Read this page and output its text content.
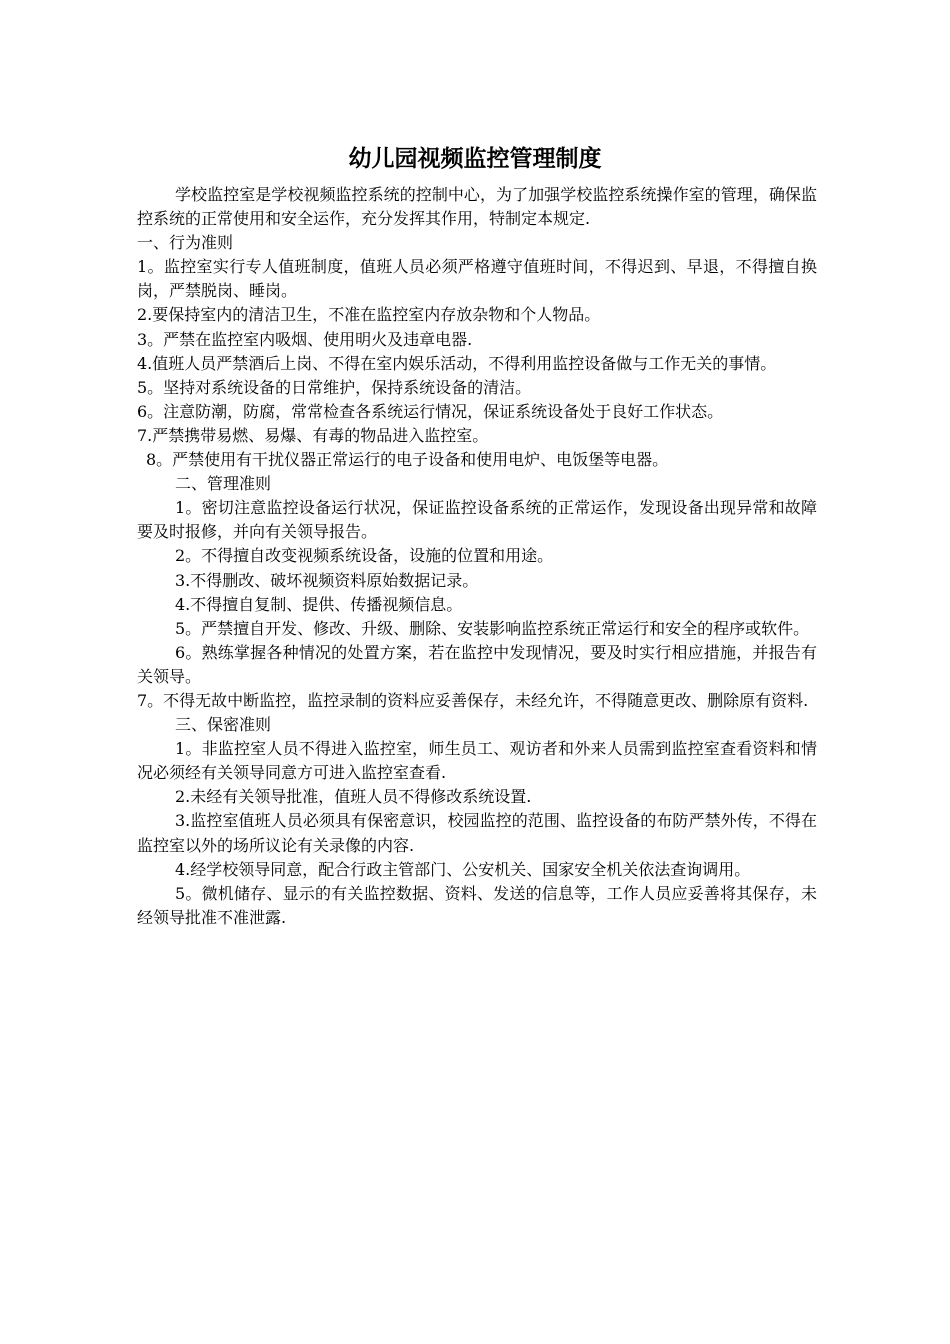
幼儿园视频监控管理制度

学校监控室是学校视频监控系统的控制中心，为了加强学校监控系统操作室的管理，确保监控系统的正常使用和安全运作，充分发挥其作用，特制定本规定.

一、行为准则

1。监控室实行专人值班制度，值班人员必须严格遵守值班时间，不得迟到、早退，不得擅自换岗，严禁脱岗、睡岗。

2.要保持室内的清洁卫生，不准在监控室内存放杂物和个人物品。

3。严禁在监控室内吸烟、使用明火及违章电器.

4.值班人员严禁酒后上岗、不得在室内娱乐活动，不得利用监控设备做与工作无关的事情。

5。坚持对系统设备的日常维护，保持系统设备的清洁。

6。注意防潮，防腐，常常检查各系统运行情况，保证系统设备处于良好工作状态。

7.严禁携带易燃、易爆、有毒的物品进入监控室。

8。严禁使用有干扰仪器正常运行的电子设备和使用电炉、电饭堡等电器。

二、管理准则

1。密切注意监控设备运行状况，保证监控设备系统的正常运作，发现设备出现异常和故障要及时报修，并向有关领导报告。

2。不得擅自改变视频系统设备，设施的位置和用途。

3.不得删改、破坏视频资料原始数据记录。

4.不得擅自复制、提供、传播视频信息。

5。严禁擅自开发、修改、升级、删除、安装影响监控系统正常运行和安全的程序或软件。

6。熟练掌握各种情况的处置方案，若在监控中发现情况，要及时实行相应措施，并报告有关领导。

7。不得无故中断监控，监控录制的资料应妥善保存，未经允许，不得随意更改、删除原有资料.

三、保密准则

1。非监控室人员不得进入监控室，师生员工、观访者和外来人员需到监控室查看资料和情况必须经有关领导同意方可进入监控室查看.

2.未经有关领导批准，值班人员不得修改系统设置.

3.监控室值班人员必须具有保密意识，校园监控的范围、监控设备的布防严禁外传，不得在监控室以外的场所议论有关录像的内容.

4.经学校领导同意，配合行政主管部门、公安机关、国家安全机关依法查询调用。

5。微机储存、显示的有关监控数据、资料、发送的信息等，工作人员应妥善将其保存，未经领导批准不准泄露.
